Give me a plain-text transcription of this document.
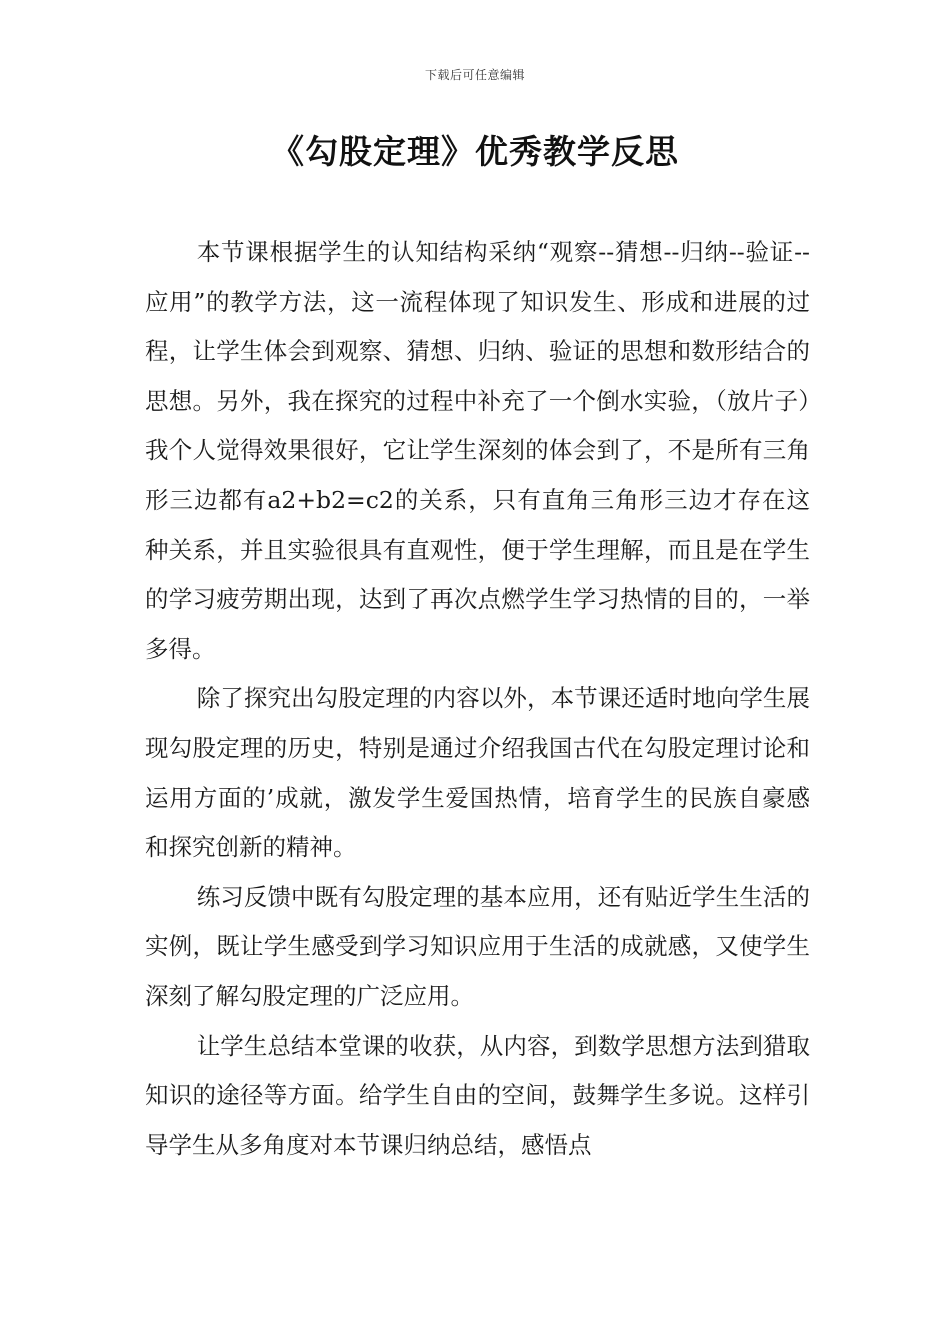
下载后可任意编辑
《勾股定理》优秀教学反思

本节课根据学生的认知结构采纳“观察--猜想--归纳--验证--应用”的教学方法，这一流程体现了知识发生、形成和进展的过程，让学生体会到观察、猜想、归纳、验证的思想和数形结合的思想。另外，我在探究的过程中补充了一个倒水实验，（放片子）我个人觉得效果很好，它让学生深刻的体会到了，不是所有三角形三边都有a2+b2=c2的关系，只有直角三角形三边才存在这种关系，并且实验很具有直观性，便于学生理解，而且是在学生的学习疲劳期出现，达到了再次点燃学生学习热情的目的，一举多得。

除了探究出勾股定理的内容以外，本节课还适时地向学生展现勾股定理的历史，特别是通过介绍我国古代在勾股定理讨论和运用方面的’成就，激发学生爱国热情，培育学生的民族自豪感和探究创新的精神。

练习反馈中既有勾股定理的基本应用，还有贴近学生生活的实例，既让学生感受到学习知识应用于生活的成就感，又使学生深刻了解勾股定理的广泛应用。

让学生总结本堂课的收获，从内容，到数学思想方法到猎取知识的途径等方面。给学生自由的空间，鼓舞学生多说。这样引导学生从多角度对本节课归纳总结，感悟点
